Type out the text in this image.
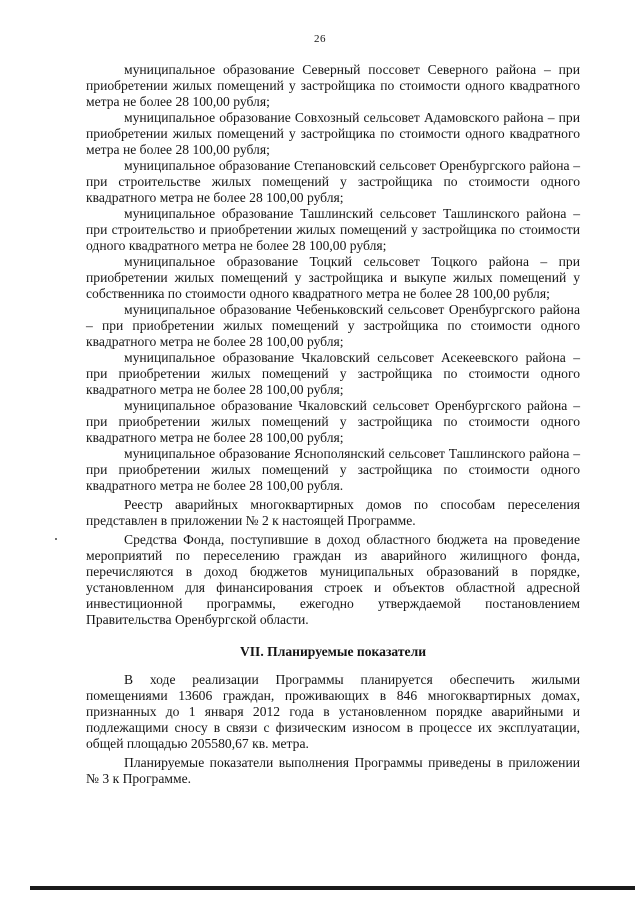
26

муниципальное образование Северный поссовет Северного района – при приобретении жилых помещений у застройщика по стоимости одного квадратного метра не более 28 100,00 рубля;

муниципальное образование Совхозный сельсовет Адамовского района – при приобретении жилых помещений у застройщика по стоимости одного квадратного метра не более 28 100,00 рубля;

муниципальное образование Степановский сельсовет Оренбургского района – при строительстве жилых помещений у застройщика по стоимости одного квадратного метра не более 28 100,00 рубля;

муниципальное образование Ташлинский сельсовет Ташлинского района – при строительство и приобретении жилых помещений у застройщика по стоимости одного квадратного метра не более 28 100,00 рубля;

муниципальное образование Тоцкий сельсовет Тоцкого района – при приобретении жилых помещений у застройщика и выкупе жилых помещений у собственника по стоимости одного квадратного метра не более 28 100,00 рубля;

муниципальное образование Чебеньковский сельсовет Оренбургского района – при приобретении жилых помещений у застройщика по стоимости одного квадратного метра не более 28 100,00 рубля;

муниципальное образование Чкаловский сельсовет Асекеевского района – при приобретении жилых помещений у застройщика по стоимости одного квадратного метра не более 28 100,00 рубля;

муниципальное образование Чкаловский сельсовет Оренбургского района – при приобретении жилых помещений у застройщика по стоимости одного квадратного метра не более 28 100,00 рубля;

муниципальное образование Яснополянский сельсовет Ташлинского района – при приобретении жилых помещений у застройщика по стоимости одного квадратного метра не более 28 100,00 рубля.

Реестр аварийных многоквартирных домов по способам переселения представлен в приложении № 2 к настоящей Программе.

Средства Фонда, поступившие в доход областного бюджета на проведение мероприятий по переселению граждан из аварийного жилищного фонда, перечисляются в доход бюджетов муниципальных образований в порядке, установленном для финансирования строек и объектов областной адресной инвестиционной программы, ежегодно утверждаемой постановлением Правительства Оренбургской области.

VII. Планируемые показатели

В ходе реализации Программы планируется обеспечить жилыми помещениями 13606 граждан, проживающих в 846 многоквартирных домах, признанных до 1 января 2012 года в установленном порядке аварийными и подлежащими сносу в связи с физическим износом в процессе их эксплуатации, общей площадью 205580,67 кв. метра.

Планируемые показатели выполнения Программы приведены в приложении № 3 к Программе.
